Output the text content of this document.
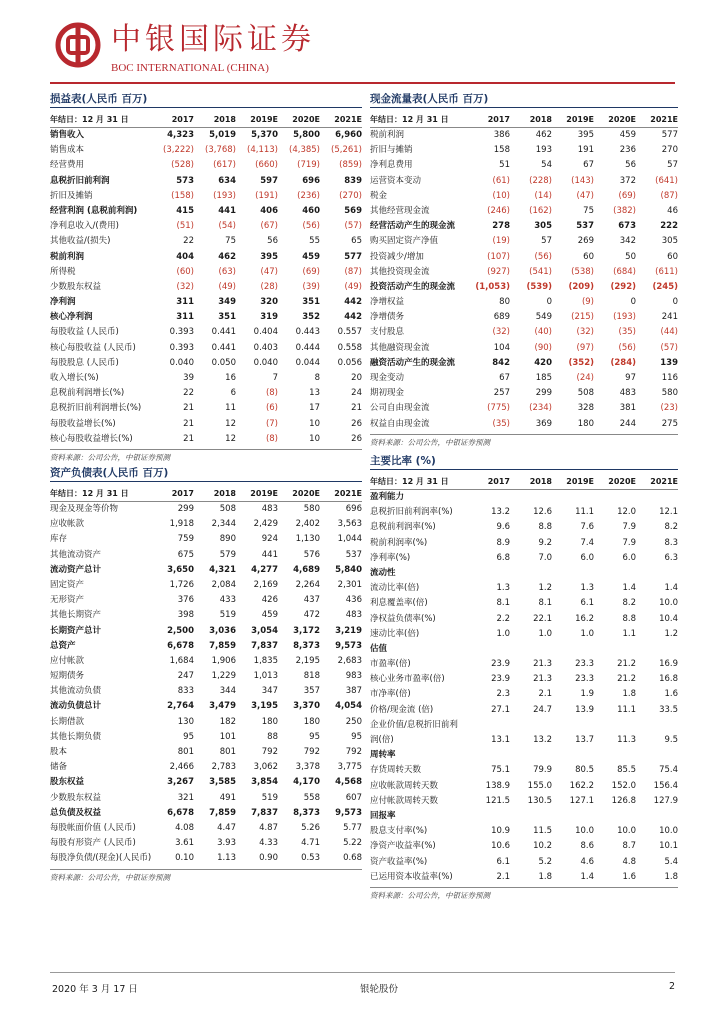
中银国际证券
BOC INTERNATIONAL (CHINA)
损益表(人民币 百万)
年结日：12 月 31 日	2017	2018	2019E	2020E	2021E
销售收入	4,323	5,019	5,370	5,800	6,960
销售成本	(3,222)	(3,768)	(4,113)	(4,385)	(5,261)
经营费用	(528)	(617)	(660)	(719)	(859)
息税折旧前利润	573	634	597	696	839
折旧及摊销	(158)	(193)	(191)	(236)	(270)
经营利润 (息税前利润)	415	441	406	460	569
净利息收入/(费用)	(51)	(54)	(67)	(56)	(57)
其他收益/(损失)	22	75	56	55	65
税前利润	404	462	395	459	577
所得税	(60)	(63)	(47)	(69)	(87)
少数股东权益	(32)	(49)	(28)	(39)	(49)
净利润	311	349	320	351	442
核心净利润	311	351	319	352	442
每股收益 (人民币)	0.393	0.441	0.404	0.443	0.557
核心每股收益 (人民币)	0.393	0.441	0.403	0.444	0.558
每股股息 (人民币)	0.040	0.050	0.040	0.044	0.056
收入增长(%)	39	16	7	8	20
息税前利润增长(%)	22	6	(8)	13	24
息税折旧前利润增长(%)	21	11	(6)	17	21
每股收益增长(%)	21	12	(7)	10	26
核心每股收益增长(%)	21	12	(8)	10	26
资料来源：公司公告，中银证券预测
资产负债表(人民币 百万)
年结日：12 月 31 日	2017	2018	2019E	2020E	2021E
现金及现金等价物	299	508	483	580	696
应收帐款	1,918	2,344	2,429	2,402	3,563
库存	759	890	924	1,130	1,044
其他流动资产	675	579	441	576	537
流动资产总计	3,650	4,321	4,277	4,689	5,840
固定资产	1,726	2,084	2,169	2,264	2,301
无形资产	376	433	426	437	436
其他长期资产	398	519	459	472	483
长期资产总计	2,500	3,036	3,054	3,172	3,219
总资产	6,678	7,859	7,837	8,373	9,573
应付帐款	1,684	1,906	1,835	2,195	2,683
短期债务	247	1,229	1,013	818	983
其他流动负债	833	344	347	357	387
流动负债总计	2,764	3,479	3,195	3,370	4,054
长期借款	130	182	180	180	250
其他长期负债	95	101	88	95	95
股本	801	801	792	792	792
储备	2,466	2,783	3,062	3,378	3,775
股东权益	3,267	3,585	3,854	4,170	4,568
少数股东权益	321	491	519	558	607
总负债及权益	6,678	7,859	7,837	8,373	9,573
每股帐面价值 (人民币)	4.08	4.47	4.87	5.26	5.77
每股有形资产 (人民币)	3.61	3.93	4.33	4.71	5.22
每股净负债/(现金)(人民币)	0.10	1.13	0.90	0.53	0.68
资料来源：公司公告，中银证券预测
现金流量表(人民币 百万)
年结日：12 月 31 日	2017	2018	2019E	2020E	2021E
税前利润	386	462	395	459	577
折旧与摊销	158	193	191	236	270
净利息费用	51	54	67	56	57
运营资本变动	(61)	(228)	(143)	372	(641)
税金	(10)	(14)	(47)	(69)	(87)
其他经营现金流	(246)	(162)	75	(382)	46
经营活动产生的现金流	278	305	537	673	222
购买固定资产净值	(19)	57	269	342	305
投资减少/增加	(107)	(56)	60	50	60
其他投资现金流	(927)	(541)	(538)	(684)	(611)
投资活动产生的现金流	(1,053)	(539)	(209)	(292)	(245)
净增权益	80	0	(9)	0	0
净增债务	689	549	(215)	(193)	241
支付股息	(32)	(40)	(32)	(35)	(44)
其他融资现金流	104	(90)	(97)	(56)	(57)
融资活动产生的现金流	842	420	(352)	(284)	139
现金变动	67	185	(24)	97	116
期初现金	257	299	508	483	580
公司自由现金流	(775)	(234)	328	381	(23)
权益自由现金流	(35)	369	180	244	275
资料来源：公司公告，中银证券预测
主要比率 (%)
年结日：12 月 31 日	2017	2018	2019E	2020E	2021E
盈利能力
息税折旧前利润率(%)	13.2	12.6	11.1	12.0	12.1
息税前利润率(%)	9.6	8.8	7.6	7.9	8.2
税前利润率(%)	8.9	9.2	7.4	7.9	8.3
净利率(%)	6.8	7.0	6.0	6.0	6.3
流动性
流动比率(倍)	1.3	1.2	1.3	1.4	1.4
利息覆盖率(倍)	8.1	8.1	6.1	8.2	10.0
净权益负债率(%)	2.2	22.1	16.2	8.8	10.4
速动比率(倍)	1.0	1.0	1.0	1.1	1.2
估值
市盈率(倍)	23.9	21.3	23.3	21.2	16.9
核心业务市盈率(倍)	23.9	21.3	23.3	21.2	16.8
市净率(倍)	2.3	2.1	1.9	1.8	1.6
价格/现金流 (倍)	27.1	24.7	13.9	11.1	33.5
企业价值/息税折旧前利
润(倍)	13.1	13.2	13.7	11.3	9.5
周转率
存货周转天数	75.1	79.9	80.5	85.5	75.4
应收帐款周转天数	138.9	155.0	162.2	152.0	156.4
应付帐款周转天数	121.5	130.5	127.1	126.8	127.9
回报率
股息支付率(%)	10.9	11.5	10.0	10.0	10.0
净资产收益率(%)	10.6	10.2	8.6	8.7	10.1
资产收益率(%)	6.1	5.2	4.6	4.8	5.4
已运用资本收益率(%)	2.1	1.8	1.4	1.6	1.8
资料来源：公司公告，中银证券预测
2020 年 3 月 17 日	银轮股份	2
